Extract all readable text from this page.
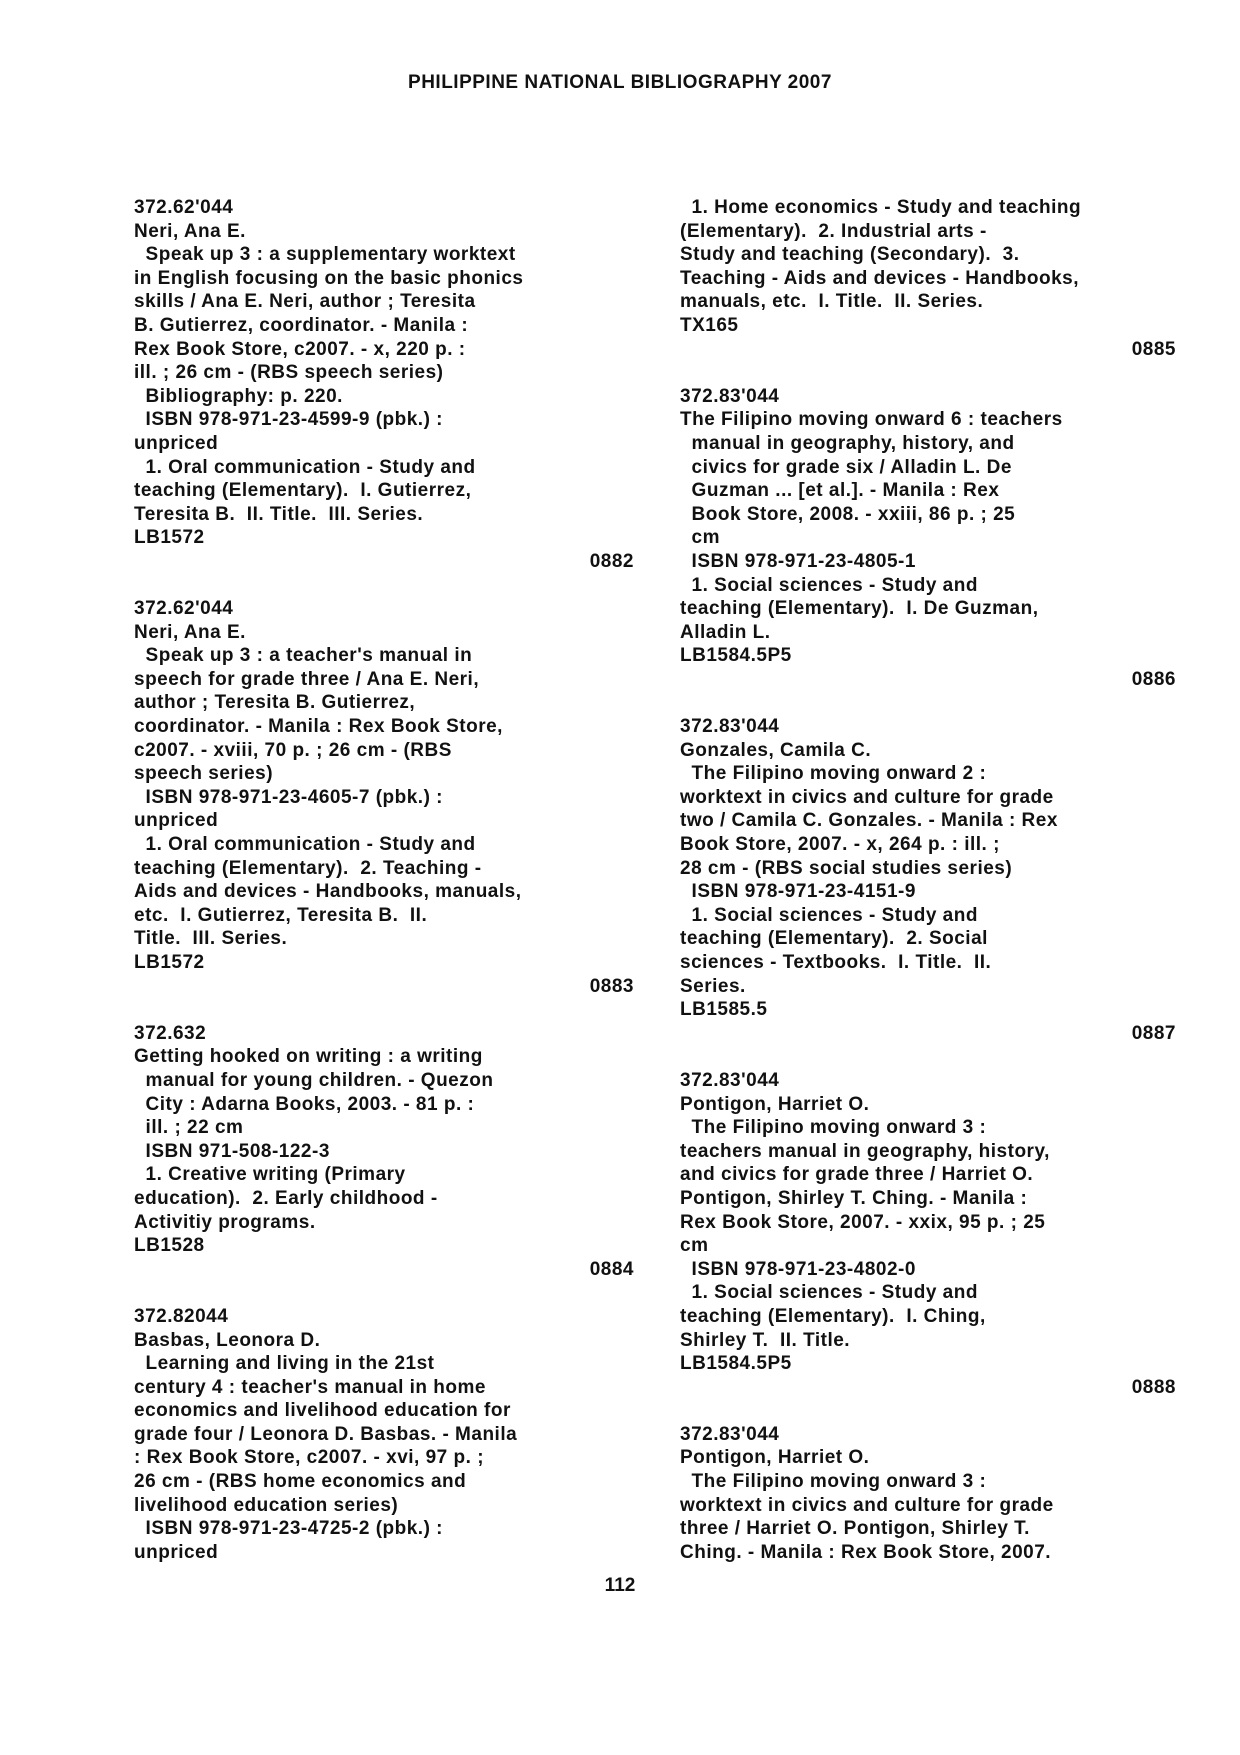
PHILIPPINE NATIONAL BIBLIOGRAPHY 2007
372.62'044
Neri, Ana E.
Speak up 3 : a supplementary worktext
in English focusing on the basic phonics
skills / Ana E. Neri, author ; Teresita
B. Gutierrez, coordinator. - Manila :
Rex Book Store, c2007. - x, 220 p. :
ill. ; 26 cm - (RBS speech series)
Bibliography: p. 220.
ISBN 978-971-23-4599-9 (pbk.) :
unpriced
1. Oral communication - Study and
teaching (Elementary).  I. Gutierrez,
Teresita B.  II. Title.  III. Series.
LB1572
0882
372.62'044
Neri, Ana E.
Speak up 3 : a teacher's manual in
speech for grade three / Ana E. Neri,
author ; Teresita B. Gutierrez,
coordinator. - Manila : Rex Book Store,
c2007. - xviii, 70 p. ; 26 cm - (RBS
speech series)
ISBN 978-971-23-4605-7 (pbk.) :
unpriced
1. Oral communication - Study and
teaching (Elementary).  2. Teaching -
Aids and devices - Handbooks, manuals,
etc.  I. Gutierrez, Teresita B.  II.
Title.  III. Series.
LB1572
0883
372.632
Getting hooked on writing : a writing
manual for young children. - Quezon
City : Adarna Books, 2003. - 81 p. :
ill. ; 22 cm
ISBN 971-508-122-3
1. Creative writing (Primary
education).  2. Early childhood -
Activitiy programs.
LB1528
0884
372.82044
Basbas, Leonora D.
Learning and living in the 21st
century 4 : teacher's manual in home
economics and livelihood education for
grade four / Leonora D. Basbas. - Manila
: Rex Book Store, c2007. - xvi, 97 p. ;
26 cm - (RBS home economics and
livelihood education series)
ISBN 978-971-23-4725-2 (pbk.) :
unpriced
1. Home economics - Study and teaching
(Elementary).  2. Industrial arts -
Study and teaching (Secondary).  3.
Teaching - Aids and devices - Handbooks,
manuals, etc.  I. Title.  II. Series.
TX165
0885
372.83'044
The Filipino moving onward 6 : teachers
manual in geography, history, and
civics for grade six / Alladin L. De
Guzman ... [et al.]. - Manila : Rex
Book Store, 2008. - xxiii, 86 p. ; 25
cm
ISBN 978-971-23-4805-1
1. Social sciences - Study and
teaching (Elementary).  I. De Guzman,
Alladin L.
LB1584.5P5
0886
372.83'044
Gonzales, Camila C.
The Filipino moving onward 2 :
worktext in civics and culture for grade
two / Camila C. Gonzales. - Manila : Rex
Book Store, 2007. - x, 264 p. : ill. ;
28 cm - (RBS social studies series)
ISBN 978-971-23-4151-9
1. Social sciences - Study and
teaching (Elementary).  2. Social
sciences - Textbooks.  I. Title.  II.
Series.
LB1585.5
0887
372.83'044
Pontigon, Harriet O.
The Filipino moving onward 3 :
teachers manual in geography, history,
and civics for grade three / Harriet O.
Pontigon, Shirley T. Ching. - Manila :
Rex Book Store, 2007. - xxix, 95 p. ; 25
cm
ISBN 978-971-23-4802-0
1. Social sciences - Study and
teaching (Elementary).  I. Ching,
Shirley T.  II. Title.
LB1584.5P5
0888
372.83'044
Pontigon, Harriet O.
The Filipino moving onward 3 :
worktext in civics and culture for grade
three / Harriet O. Pontigon, Shirley T.
Ching. - Manila : Rex Book Store, 2007.
112
